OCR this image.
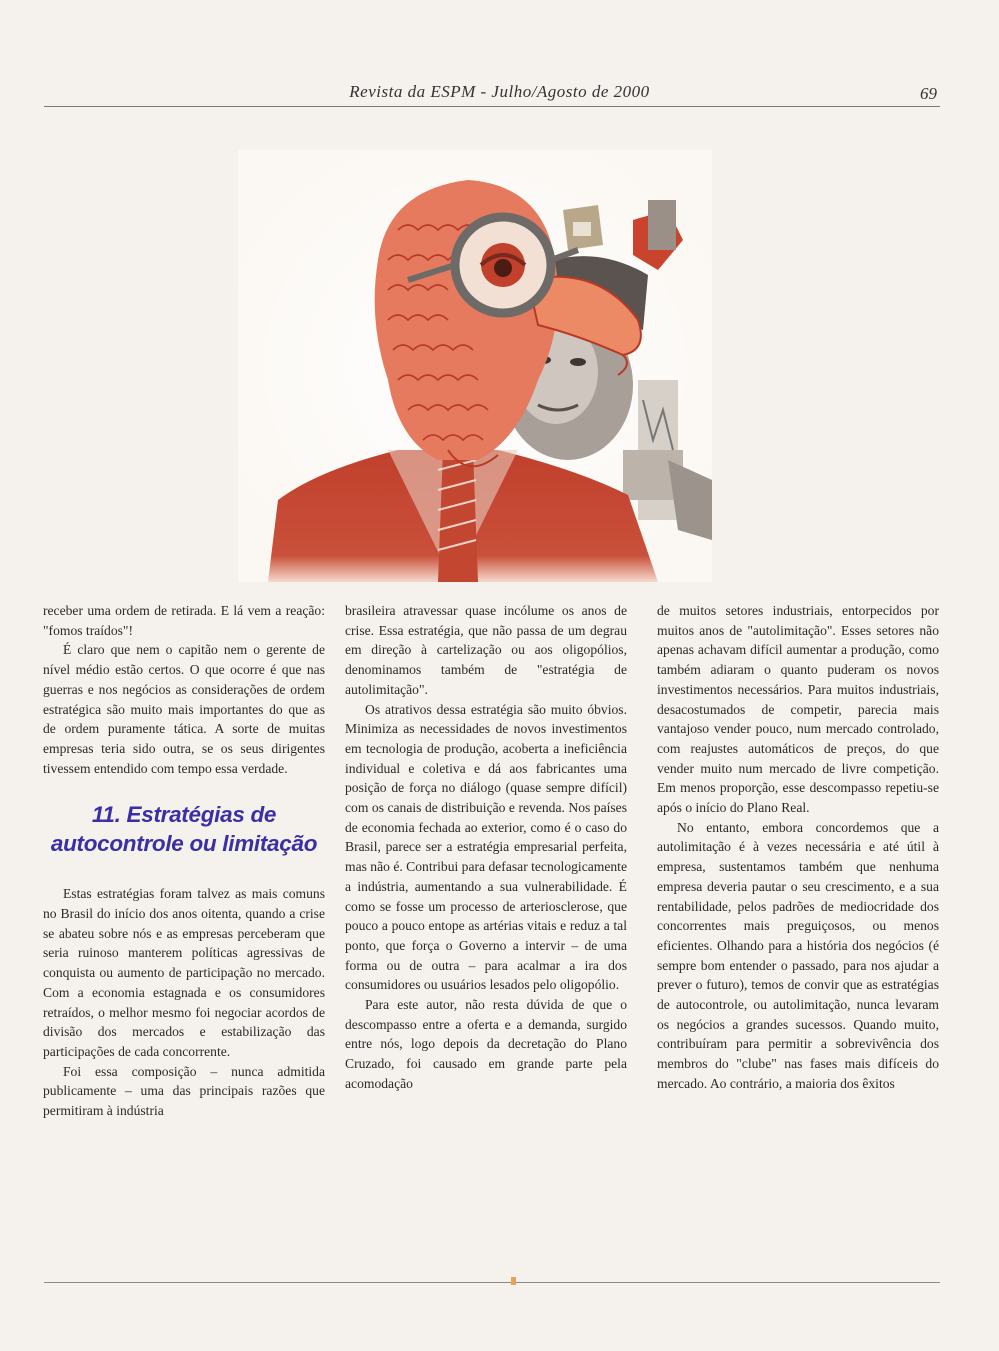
Revista da ESPM - Julho/Agosto de 2000	69

receber uma ordem de retirada. E lá vem a reação: "fomos traídos"!

É claro que nem o capitão nem o gerente de nível médio estão certos. O que ocorre é que nas guerras e nos negócios as considerações de ordem estratégica são muito mais importantes do que as de ordem puramente tática. A sorte de muitas empresas teria sido outra, se os seus dirigentes tivessem entendido com tempo essa verdade.

11. Estratégias de autocontrole ou limitação

Estas estratégias foram talvez as mais comuns no Brasil do início dos anos oitenta, quando a crise se abateu sobre nós e as empresas perceberam que seria ruinoso manterem políticas agressivas de conquista ou aumento de participação no mercado. Com a economia estagnada e os consumidores retraídos, o melhor mesmo foi negociar acordos de divisão dos mercados e estabilização das participações de cada concorrente.

Foi essa composição – nunca admitida publicamente – uma das principais razões que permitiram à indústria

brasileira atravessar quase incólume os anos de crise. Essa estratégia, que não passa de um degrau em direção à cartelização ou aos oligopólios, denominamos também de "estratégia de autolimitação".

Os atrativos dessa estratégia são muito óbvios. Minimiza as necessidades de novos investimentos em tecnologia de produção, acoberta a ineficiência individual e coletiva e dá aos fabricantes uma posição de força no diálogo (quase sempre difícil) com os canais de distribuição e revenda. Nos países de economia fechada ao exterior, como é o caso do Brasil, parece ser a estratégia empresarial perfeita, mas não é. Contribui para defasar tecnologicamente a indústria, aumentando a sua vulnerabilidade. É como se fosse um processo de arteriosclerose, que pouco a pouco entope as artérias vitais e reduz a tal ponto, que força o Governo a intervir – de uma forma ou de outra – para acalmar a ira dos consumidores ou usuários lesados pelo oligopólio.

Para este autor, não resta dúvida de que o descompasso entre a oferta e a demanda, surgido entre nós, logo depois da decretação do Plano Cruzado, foi causado em grande parte pela acomodação

de muitos setores industriais, entorpecidos por muitos anos de "autolimitação". Esses setores não apenas achavam difícil aumentar a produção, como também adiaram o quanto puderam os novos investimentos necessários. Para muitos industriais, desacostumados de competir, parecia mais vantajoso vender pouco, num mercado controlado, com reajustes automáticos de preços, do que vender muito num mercado de livre competição. Em menos proporção, esse descompasso repetiu-se após o início do Plano Real.

No entanto, embora concordemos que a autolimitação é à vezes necessária e até útil à empresa, sustentamos também que nenhuma empresa deveria pautar o seu crescimento, e a sua rentabilidade, pelos padrões de mediocridade dos concorrentes mais preguiçosos, ou menos eficientes. Olhando para a história dos negócios (é sempre bom entender o passado, para nos ajudar a prever o futuro), temos de convir que as estratégias de autocontrole, ou autolimitação, nunca levaram os negócios a grandes sucessos. Quando muito, contribuíram para permitir a sobrevivência dos membros do "clube" nas fases mais difíceis do mercado. Ao contrário, a maioria dos êxitos
